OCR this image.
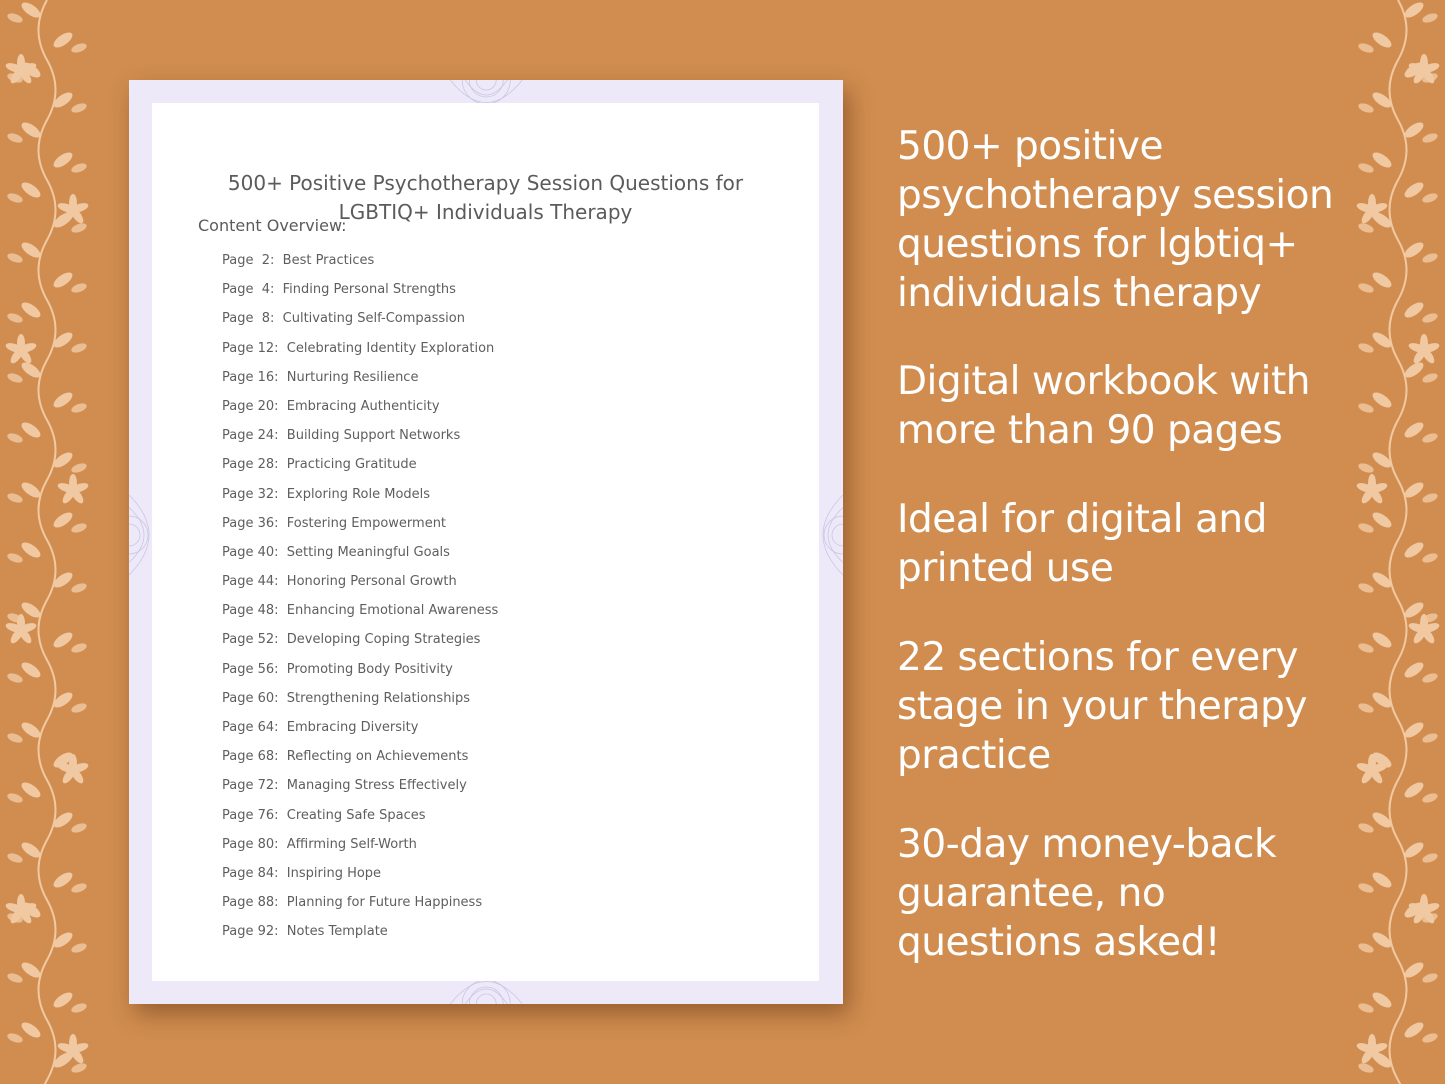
500+ Positive Psychotherapy Session Questions for LGBTIQ+ Individuals Therapy
Content Overview:
Page  2:  Best Practices
Page  4:  Finding Personal Strengths
Page  8:  Cultivating Self-Compassion
Page 12:  Celebrating Identity Exploration
Page 16:  Nurturing Resilience
Page 20:  Embracing Authenticity
Page 24:  Building Support Networks
Page 28:  Practicing Gratitude
Page 32:  Exploring Role Models
Page 36:  Fostering Empowerment
Page 40:  Setting Meaningful Goals
Page 44:  Honoring Personal Growth
Page 48:  Enhancing Emotional Awareness
Page 52:  Developing Coping Strategies
Page 56:  Promoting Body Positivity
Page 60:  Strengthening Relationships
Page 64:  Embracing Diversity
Page 68:  Reflecting on Achievements
Page 72:  Managing Stress Effectively
Page 76:  Creating Safe Spaces
Page 80:  Affirming Self-Worth
Page 84:  Inspiring Hope
Page 88:  Planning for Future Happiness
Page 92:  Notes Template

500+ positive psychotherapy session questions for lgbtiq+ individuals therapy

Digital workbook with more than 90 pages

Ideal for digital and printed use

22 sections for every stage in your therapy practice

30-day money-back guarantee, no questions asked!
